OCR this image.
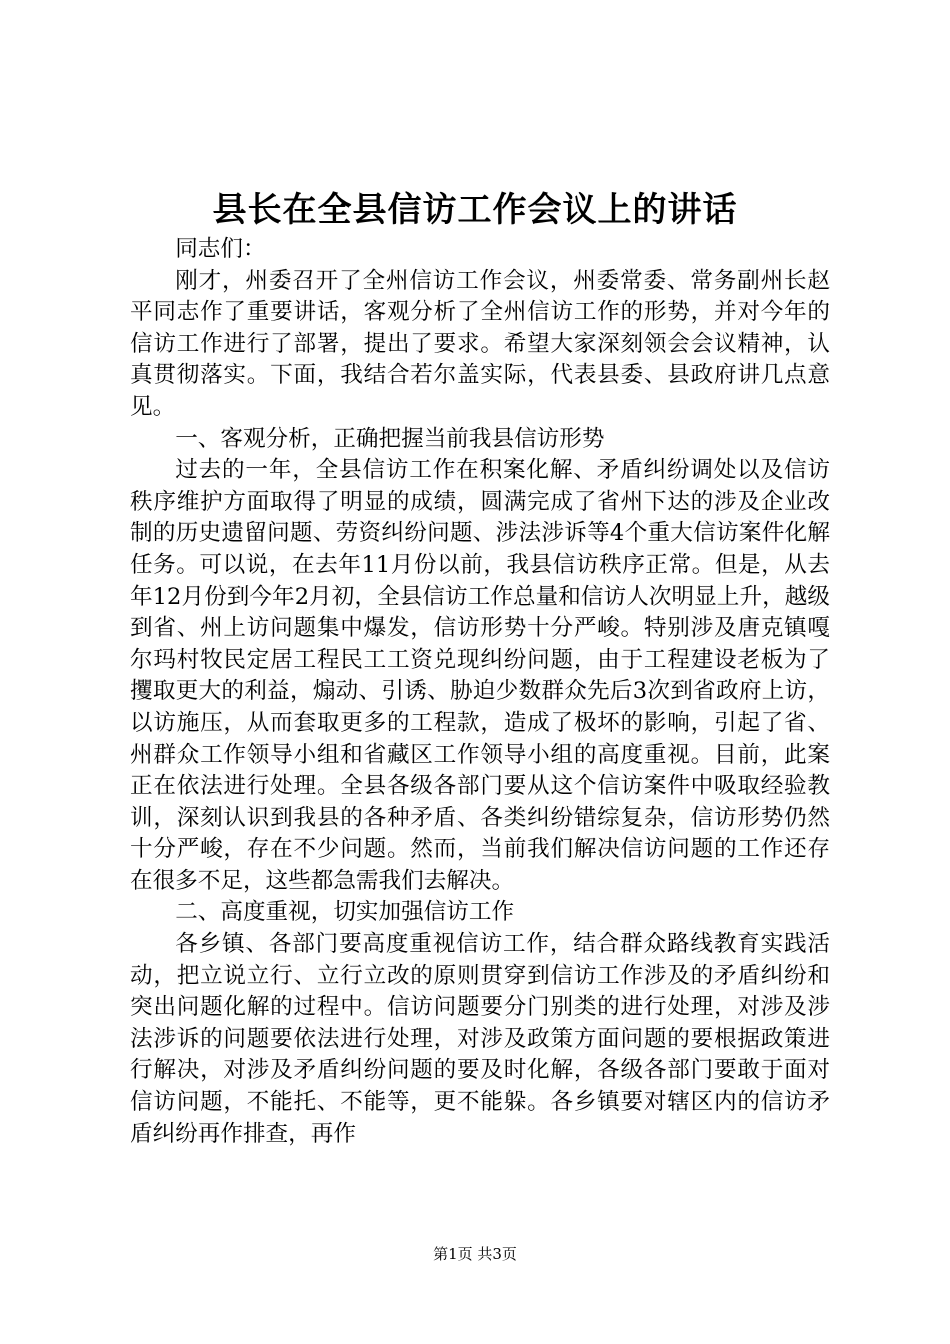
县长在全县信访工作会议上的讲话

同志们：

刚才，州委召开了全州信访工作会议，州委常委、常务副州长赵平同志作了重要讲话，客观分析了全州信访工作的形势，并对今年的信访工作进行了部署，提出了要求。希望大家深刻领会会议精神，认真贯彻落实。下面，我结合若尔盖实际，代表县委、县政府讲几点意见。

一、客观分析，正确把握当前我县信访形势

过去的一年，全县信访工作在积案化解、矛盾纠纷调处以及信访秩序维护方面取得了明显的成绩，圆满完成了省州下达的涉及企业改制的历史遗留问题、劳资纠纷问题、涉法涉诉等4个重大信访案件化解任务。可以说，在去年11月份以前，我县信访秩序正常。但是，从去年12月份到今年2月初，全县信访工作总量和信访人次明显上升，越级到省、州上访问题集中爆发，信访形势十分严峻。特别涉及唐克镇嘎尔玛村牧民定居工程民工工资兑现纠纷问题，由于工程建设老板为了攫取更大的利益，煽动、引诱、胁迫少数群众先后3次到省政府上访，以访施压，从而套取更多的工程款，造成了极坏的影响，引起了省、州群众工作领导小组和省藏区工作领导小组的高度重视。目前，此案正在依法进行处理。全县各级各部门要从这个信访案件中吸取经验教训，深刻认识到我县的各种矛盾、各类纠纷错综复杂，信访形势仍然十分严峻，存在不少问题。然而，当前我们解决信访问题的工作还存在很多不足，这些都急需我们去解决。

二、高度重视，切实加强信访工作

各乡镇、各部门要高度重视信访工作，结合群众路线教育实践活动，把立说立行、立行立改的原则贯穿到信访工作涉及的矛盾纠纷和突出问题化解的过程中。信访问题要分门别类的进行处理，对涉及涉法涉诉的问题要依法进行处理，对涉及政策方面问题的要根据政策进行解决，对涉及矛盾纠纷问题的要及时化解，各级各部门要敢于面对信访问题，不能托、不能等，更不能躲。各乡镇要对辖区内的信访矛盾纠纷再作排查，再作

第1页 共3页
